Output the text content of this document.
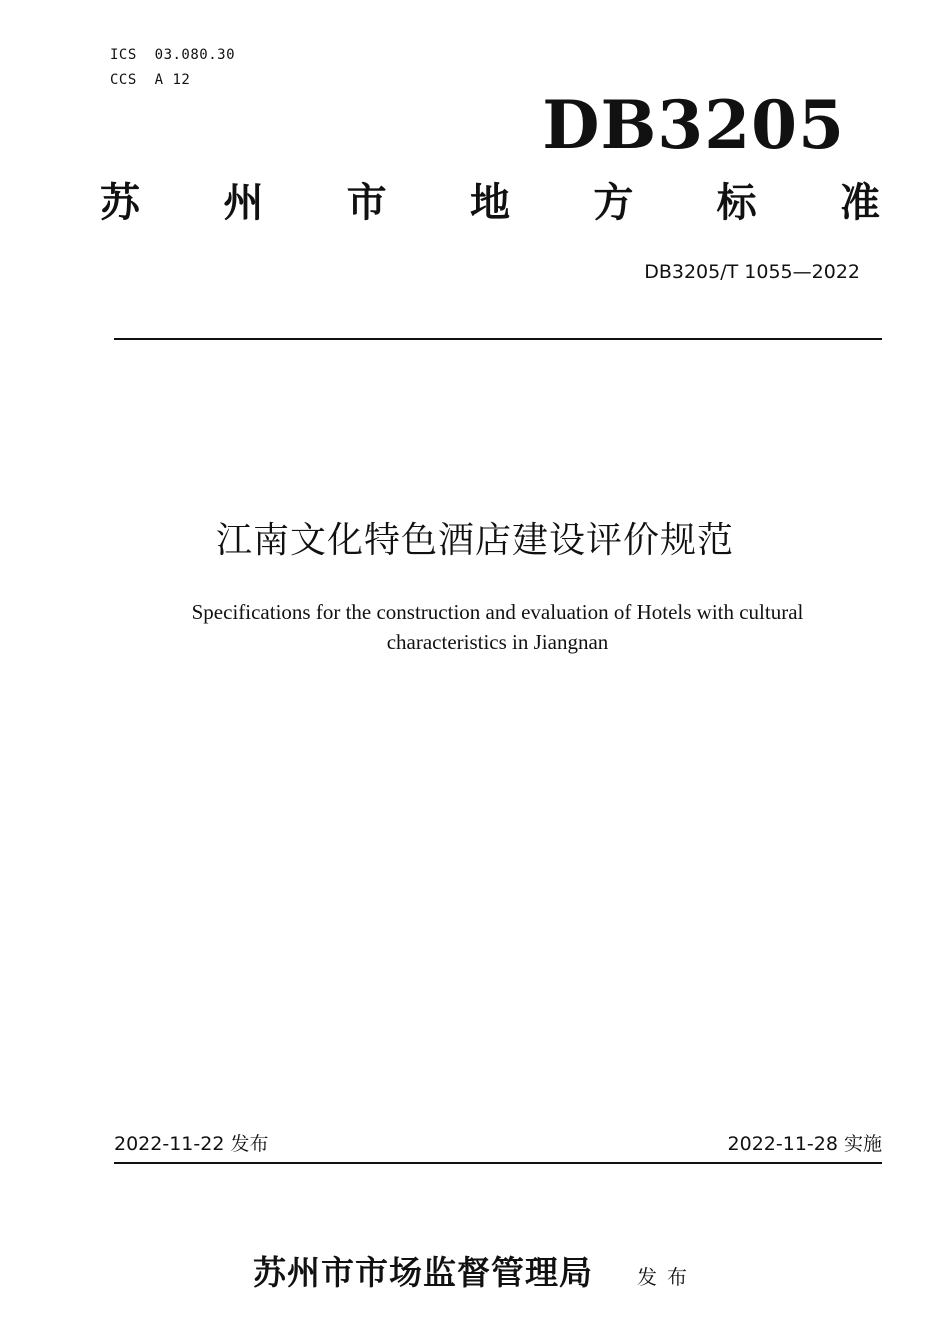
ICS  03.080.30
CCS  A 12
DB3205
苏 州 市 地 方 标 准
DB3205/T 1055—2022
江南文化特色酒店建设评价规范
Specifications for the construction and evaluation of Hotels with cultural
characteristics in Jiangnan
2022-11-22 发布	2022-11-28 实施
苏州市市场监督管理局 发布
